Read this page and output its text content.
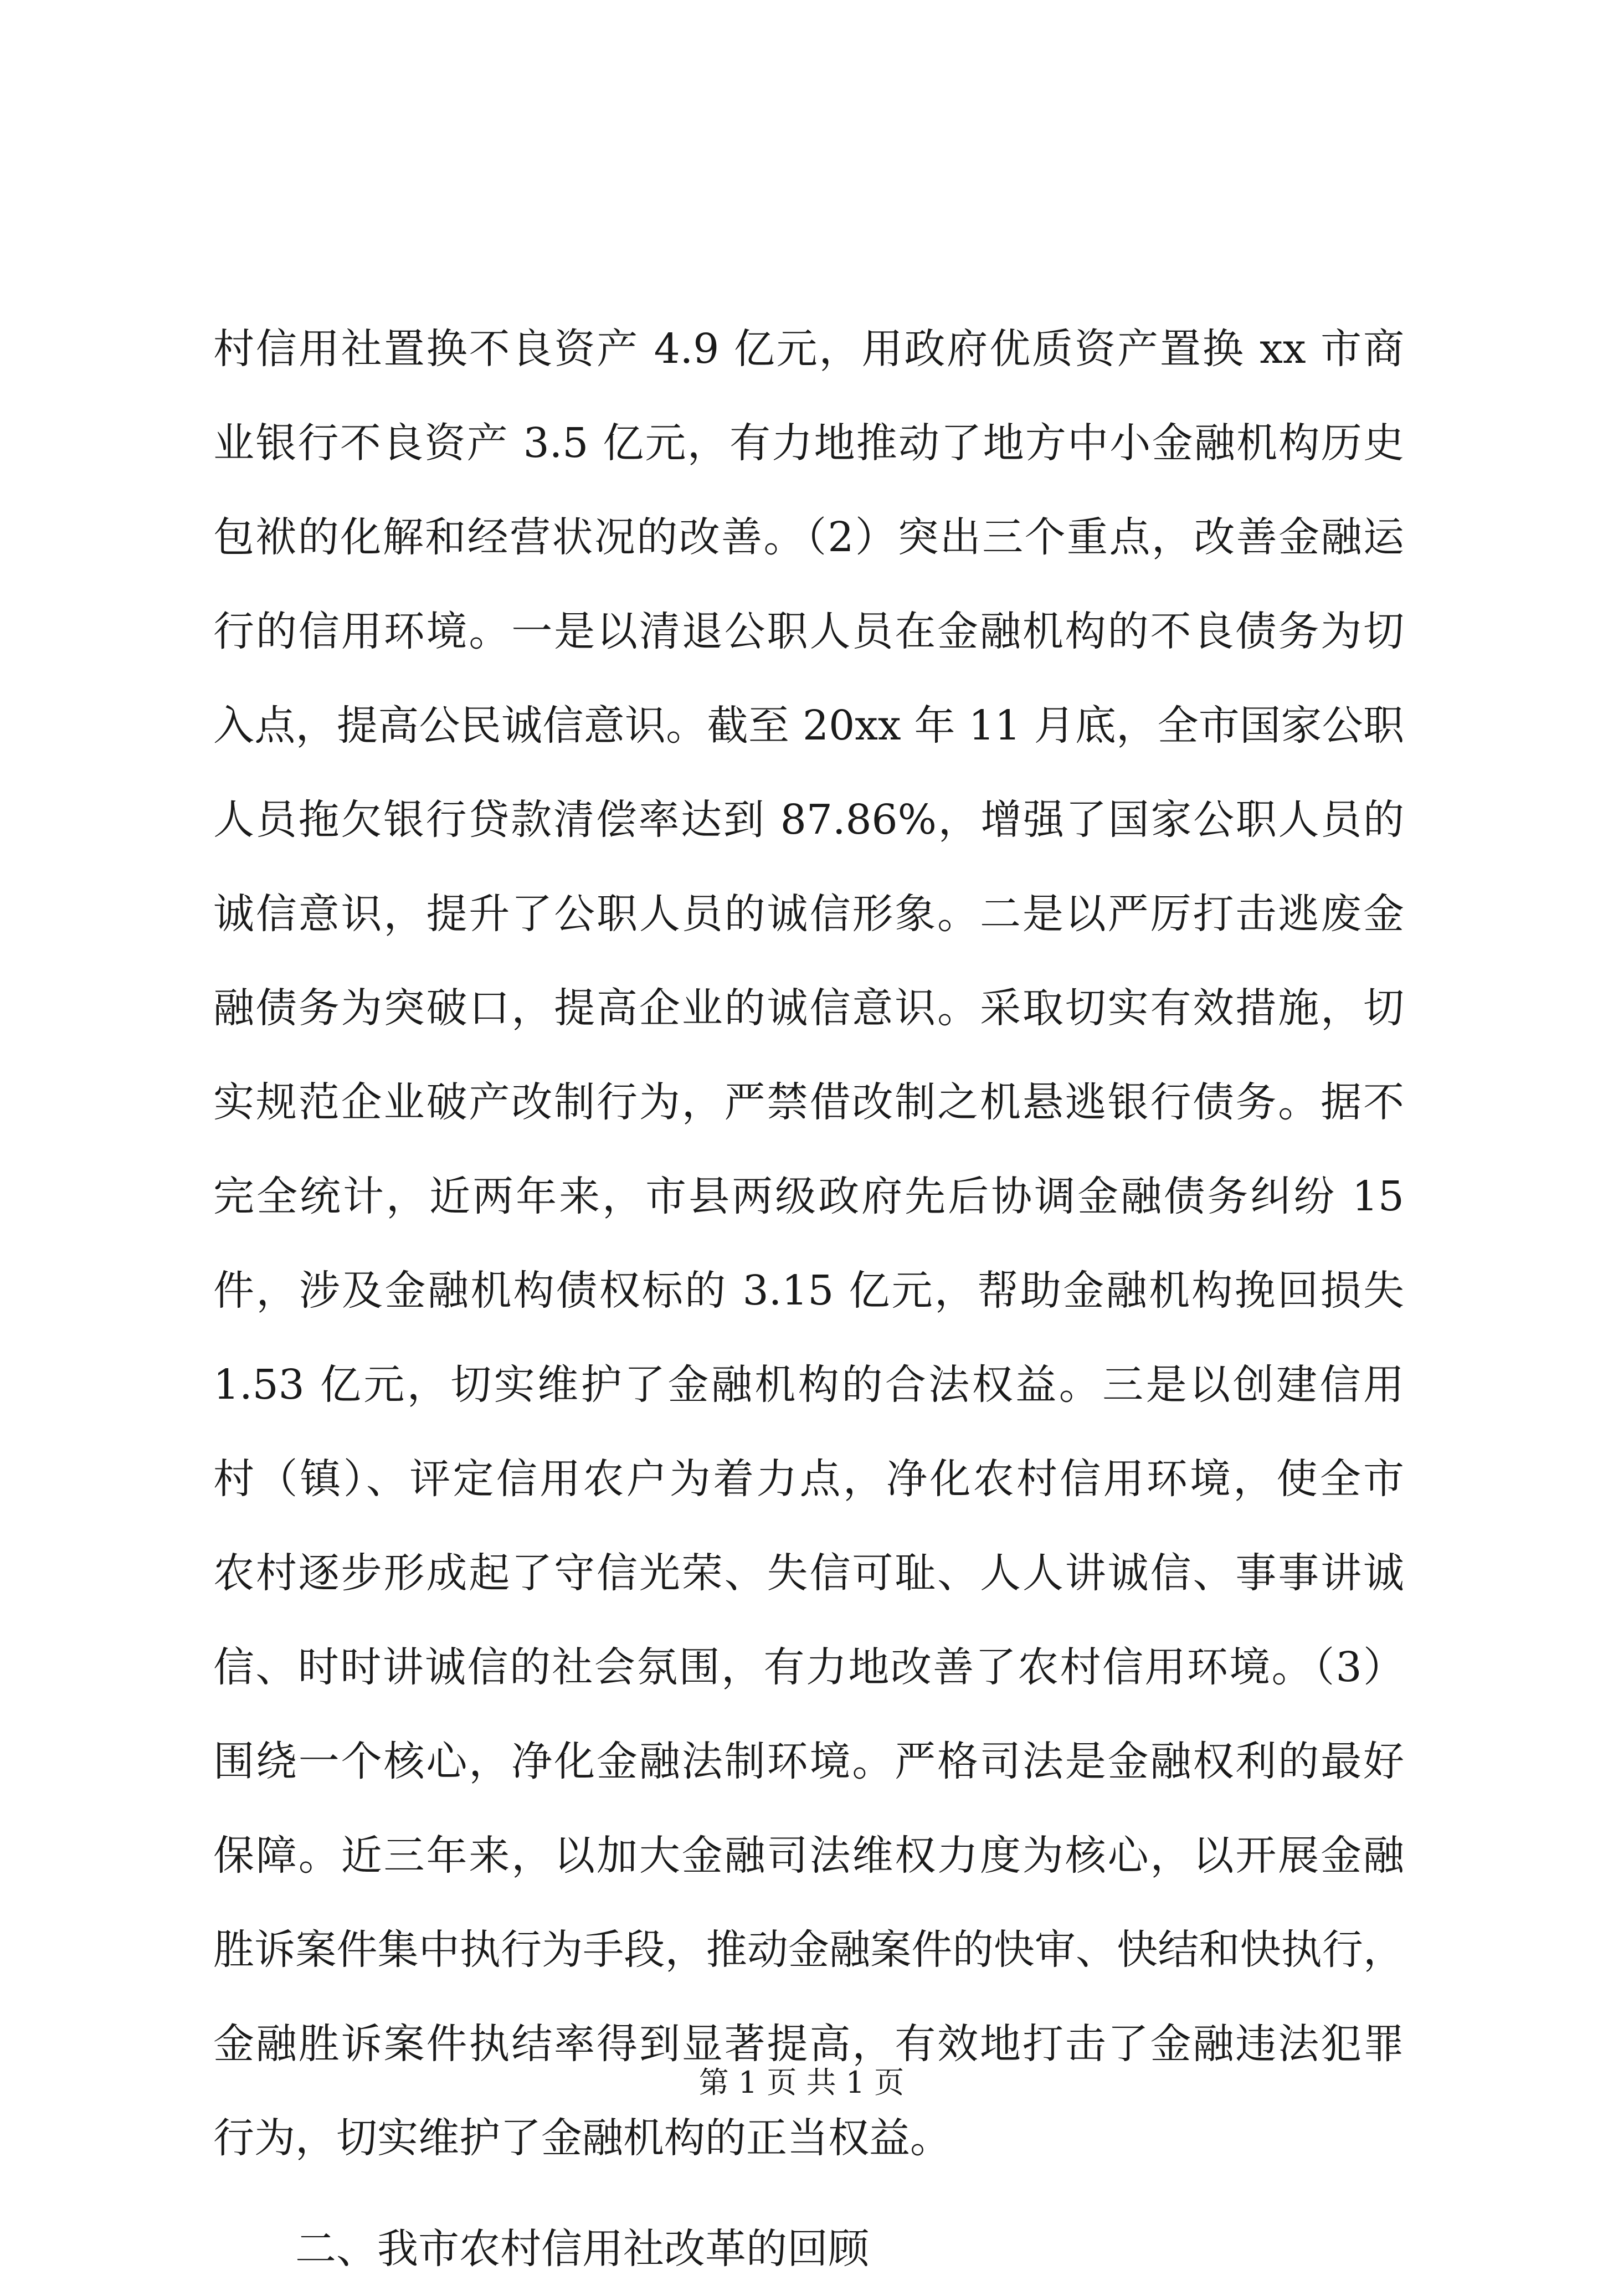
村信用社置换不良资产 4.9 亿元，用政府优质资产置换 xx 市商
业银行不良资产 3.5 亿元，有力地推动了地方中小金融机构历史
包袱的化解和经营状况的改善。（2）突出三个重点，改善金融运
行的信用环境。一是以清退公职人员在金融机构的不良债务为切
入点，提高公民诚信意识。截至 20xx 年 11 月底，全市国家公职
人员拖欠银行贷款清偿率达到 87.86%，增强了国家公职人员的
诚信意识，提升了公职人员的诚信形象。二是以严厉打击逃废金
融债务为突破口，提高企业的诚信意识。采取切实有效措施，切
实规范企业破产改制行为，严禁借改制之机悬逃银行债务。据不
完全统计，近两年来，市县两级政府先后协调金融债务纠纷 15
件，涉及金融机构债权标的 3.15 亿元，帮助金融机构挽回损失
1.53 亿元，切实维护了金融机构的合法权益。三是以创建信用
村（镇）、评定信用农户为着力点，净化农村信用环境，使全市
农村逐步形成起了守信光荣、失信可耻、人人讲诚信、事事讲诚
信、时时讲诚信的社会氛围，有力地改善了农村信用环境。（3）
围绕一个核心，净化金融法制环境。严格司法是金融权利的最好
保障。近三年来，以加大金融司法维权力度为核心，以开展金融
胜诉案件集中执行为手段，推动金融案件的快审、快结和快执行，
金融胜诉案件执结率得到显著提高，有效地打击了金融违法犯罪
行为，切实维护了金融机构的正当权益。
二、我市农村信用社改革的回顾
第 1 页 共 1 页
